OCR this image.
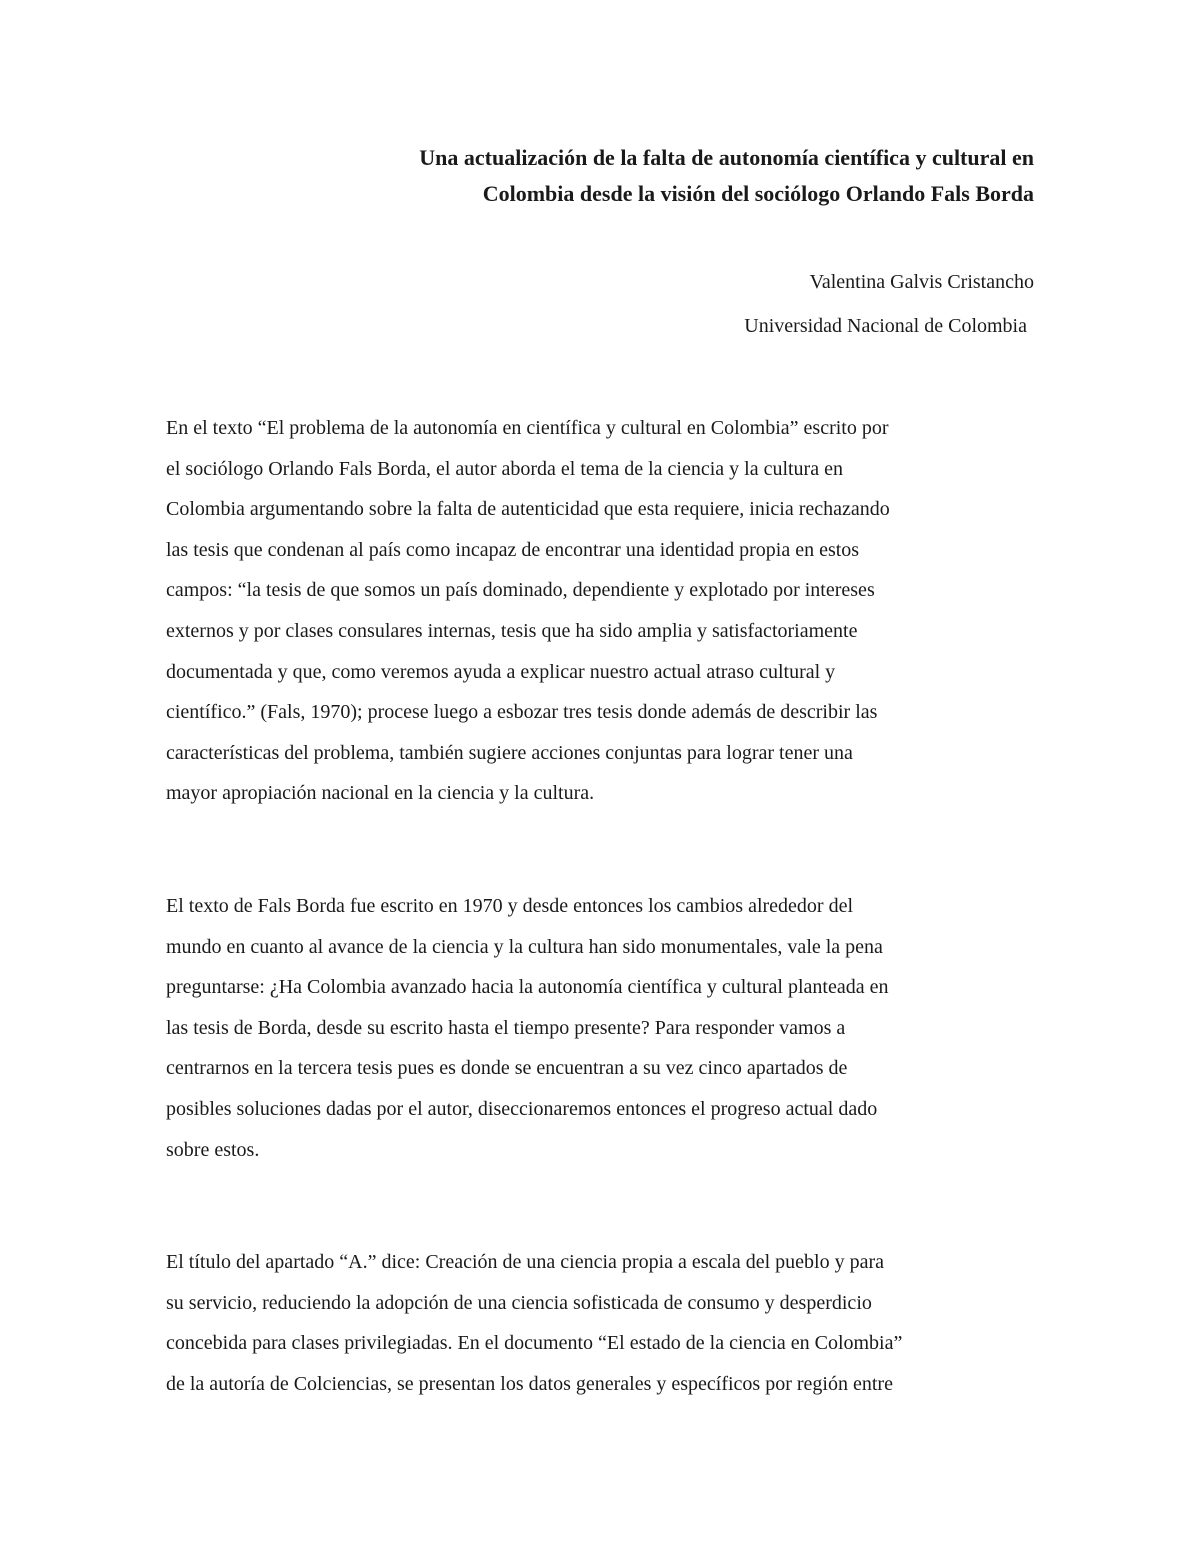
Una actualización de la falta de autonomía científica y cultural en
Colombia desde la visión del sociólogo Orlando Fals Borda

Valentina Galvis Cristancho

Universidad Nacional de Colombia

En el texto “El problema de la autonomía en científica y cultural en Colombia” escrito por
el sociólogo Orlando Fals Borda, el autor aborda el tema de la ciencia y la cultura en
Colombia argumentando sobre la falta de autenticidad que esta requiere, inicia rechazando
las tesis que condenan al país como incapaz de encontrar una identidad propia en estos
campos: “la tesis de que somos un país dominado, dependiente y explotado por intereses
externos y por clases consulares internas, tesis que ha sido amplia y satisfactoriamente
documentada y que, como veremos ayuda a explicar nuestro actual atraso cultural y
científico.” (Fals, 1970); procese luego a esbozar tres tesis donde además de describir las
características del problema, también sugiere acciones conjuntas para lograr tener una
mayor apropiación nacional en la ciencia y la cultura.
El texto de Fals Borda fue escrito en 1970 y desde entonces los cambios alrededor del
mundo en cuanto al avance de la ciencia y la cultura han sido monumentales, vale la pena
preguntarse: ¿Ha Colombia avanzado hacia la autonomía científica y cultural planteada en
las tesis de Borda, desde su escrito hasta el tiempo presente? Para responder vamos a
centrarnos en la tercera tesis pues es donde se encuentran a su vez cinco apartados de
posibles soluciones dadas por el autor, diseccionaremos entonces el progreso actual dado
sobre estos.
El título del apartado “A.” dice: Creación de una ciencia propia a escala del pueblo y para
su servicio, reduciendo la adopción de una ciencia sofisticada de consumo y desperdicio
concebida para clases privilegiadas. En el documento “El estado de la ciencia en Colombia”
de la autoría de Colciencias, se presentan los datos generales y específicos por región entre
